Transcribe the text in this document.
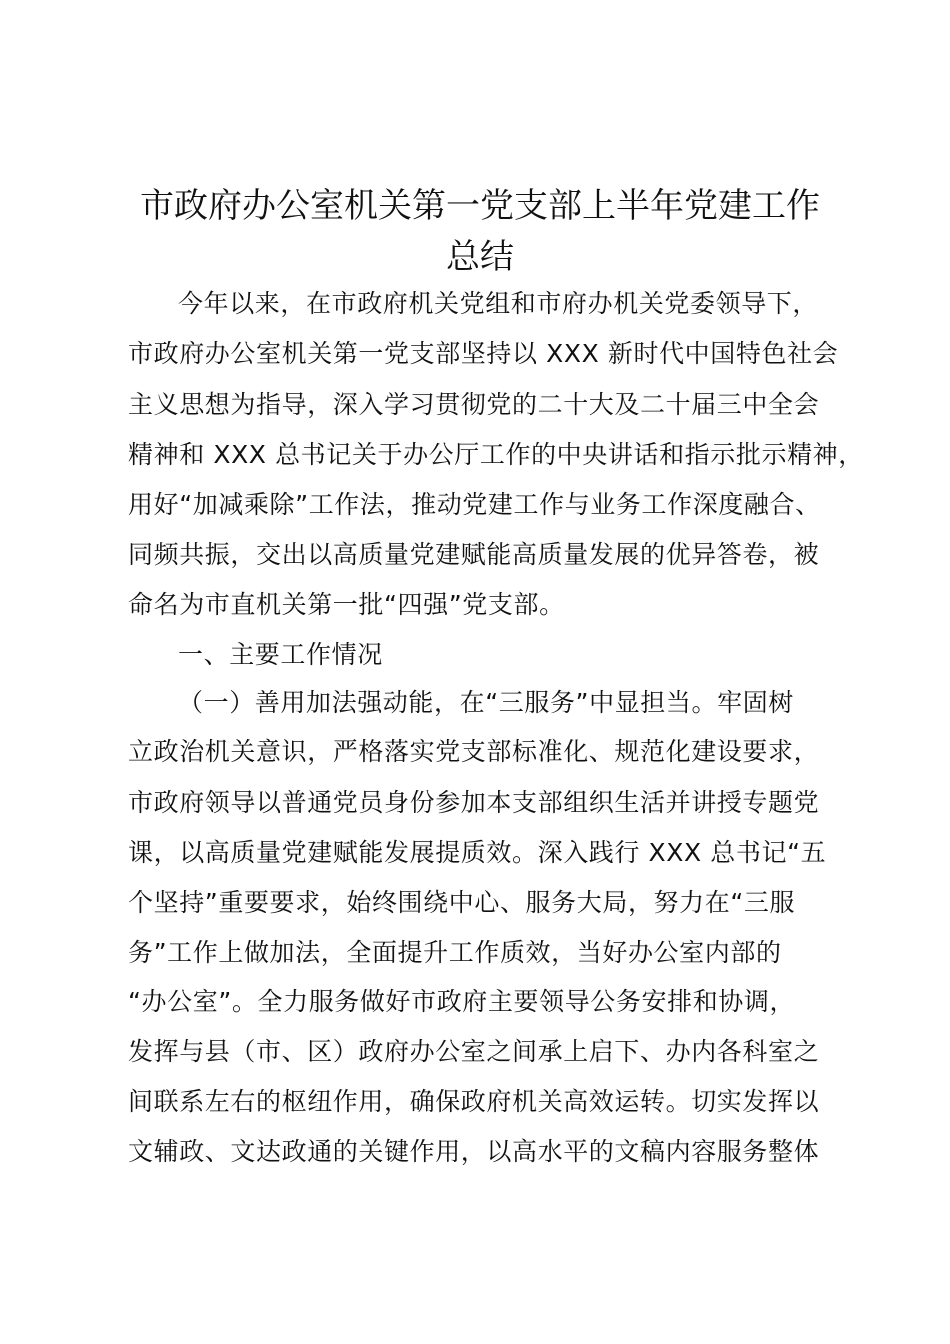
市政府办公室机关第一党支部上半年党建工作
总结
今年以来，在市政府机关党组和市府办机关党委领导下，
市政府办公室机关第一党支部坚持以 XXX 新时代中国特色社会
主义思想为指导，深入学习贯彻党的二十大及二十届三中全会
精神和 XXX 总书记关于办公厅工作的中央讲话和指示批示精神，
用好“加减乘除”工作法，推动党建工作与业务工作深度融合、
同频共振，交出以高质量党建赋能高质量发展的优异答卷，被
命名为市直机关第一批“四强”党支部。
一、主要工作情况
（一）善用加法强动能，在“三服务”中显担当。牢固树
立政治机关意识，严格落实党支部标准化、规范化建设要求，
市政府领导以普通党员身份参加本支部组织生活并讲授专题党
课，以高质量党建赋能发展提质效。深入践行 XXX 总书记“五
个坚持”重要要求，始终围绕中心、服务大局，努力在“三服
务”工作上做加法，全面提升工作质效，当好办公室内部的
“办公室”。全力服务做好市政府主要领导公务安排和协调，
发挥与县（市、区）政府办公室之间承上启下、办内各科室之
间联系左右的枢纽作用，确保政府机关高效运转。切实发挥以
文辅政、文达政通的关键作用，以高水平的文稿内容服务整体
